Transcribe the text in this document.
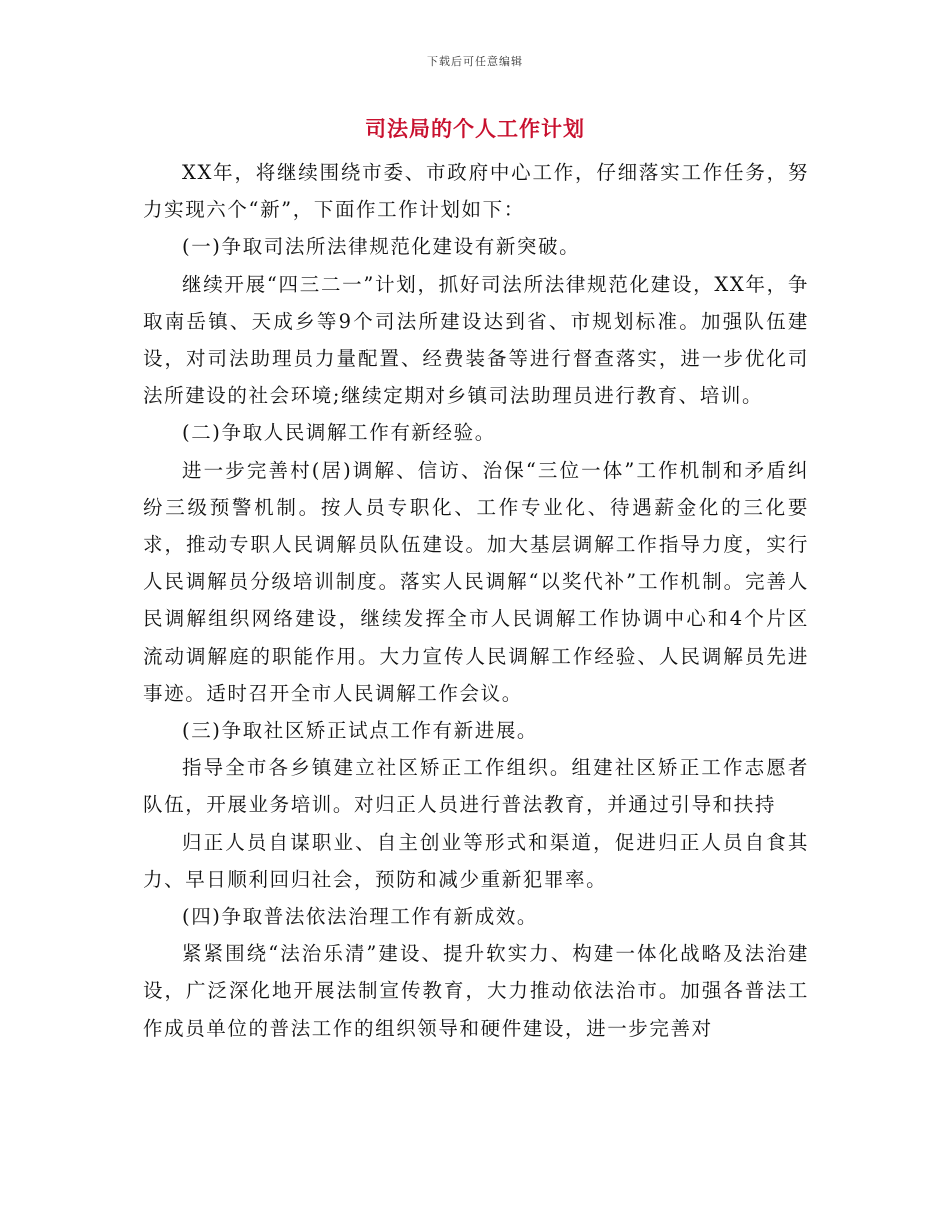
下载后可任意编辑
司法局的个人工作计划

XX年，将继续围绕市委、市政府中心工作，仔细落实工作任务，努力实现六个“新”，下面作工作计划如下：

(一)争取司法所法律规范化建设有新突破。

继续开展“四三二一”计划，抓好司法所法律规范化建设，XX年，争取南岳镇、天成乡等9个司法所建设达到省、市规划标准。加强队伍建设，对司法助理员力量配置、经费装备等进行督查落实，进一步优化司法所建设的社会环境;继续定期对乡镇司法助理员进行教育、培训。

(二)争取人民调解工作有新经验。

进一步完善村(居)调解、信访、治保“三位一体”工作机制和矛盾纠纷三级预警机制。按人员专职化、工作专业化、待遇薪金化的三化要求，推动专职人民调解员队伍建设。加大基层调解工作指导力度，实行人民调解员分级培训制度。落实人民调解“以奖代补”工作机制。完善人民调解组织网络建设，继续发挥全市人民调解工作协调中心和4个片区流动调解庭的职能作用。大力宣传人民调解工作经验、人民调解员先进事迹。适时召开全市人民调解工作会议。

(三)争取社区矫正试点工作有新进展。

指导全市各乡镇建立社区矫正工作组织。组建社区矫正工作志愿者队伍，开展业务培训。对归正人员进行普法教育，并通过引导和扶持

归正人员自谋职业、自主创业等形式和渠道，促进归正人员自食其力、早日顺利回归社会，预防和减少重新犯罪率。

(四)争取普法依法治理工作有新成效。

紧紧围绕“法治乐清”建设、提升软实力、构建一体化战略及法治建设，广泛深化地开展法制宣传教育，大力推动依法治市。加强各普法工作成员单位的普法工作的组织领导和硬件建设，进一步完善对
